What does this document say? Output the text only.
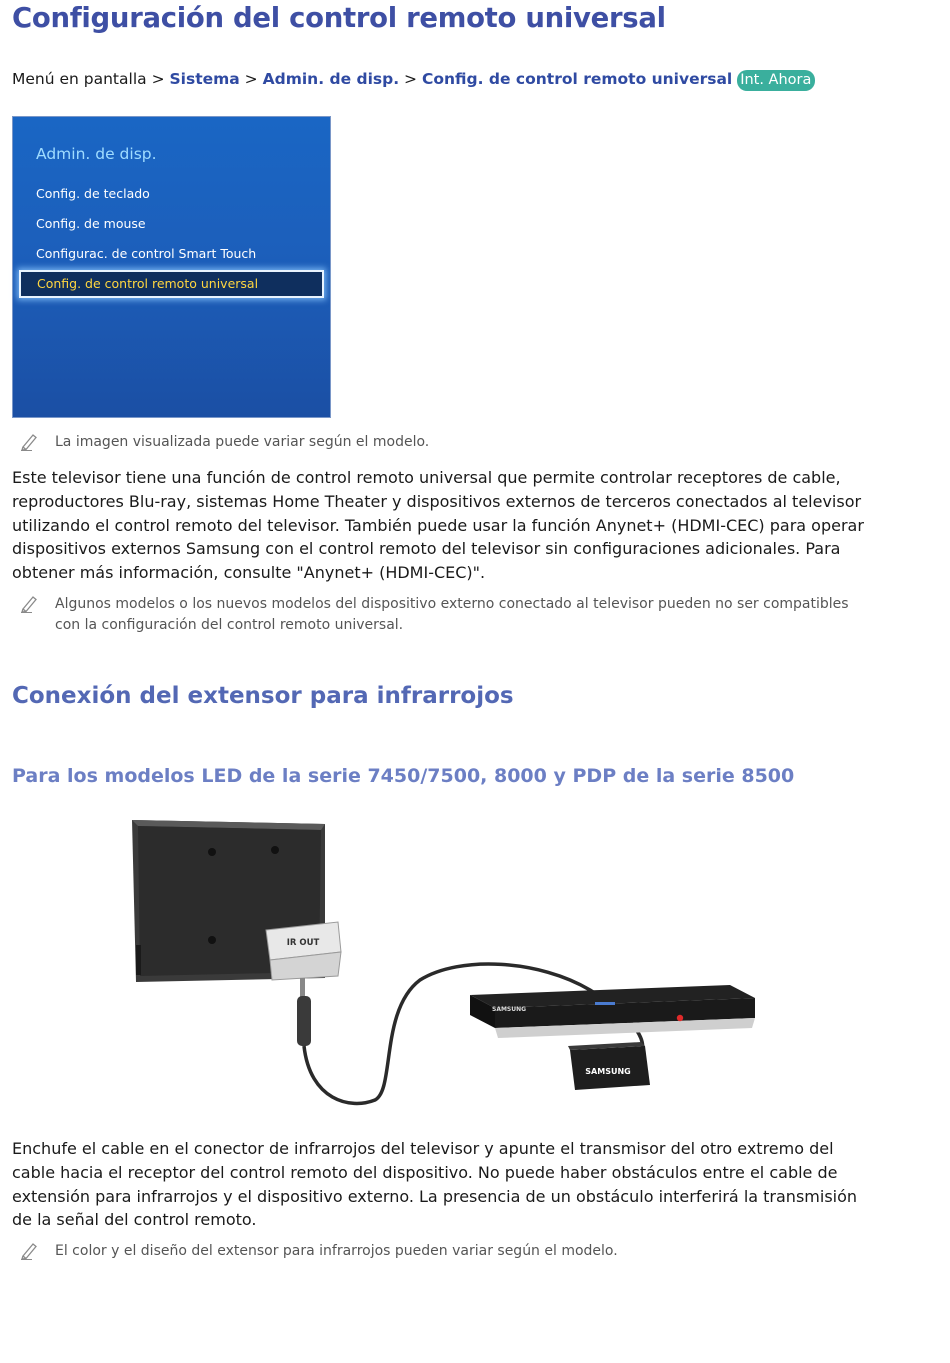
Configuración del control remoto universal
Menú en pantalla > Sistema > Admin. de disp. > Config. de control remoto universal Int. Ahora
Admin. de disp.
Config. de teclado
Config. de mouse
Configurac. de control Smart Touch
Config. de control remoto universal
La imagen visualizada puede variar según el modelo.

Este televisor tiene una función de control remoto universal que permite controlar receptores de cable, reproductores Blu-ray, sistemas Home Theater y dispositivos externos de terceros conectados al televisor utilizando el control remoto del televisor. También puede usar la función Anynet+ (HDMI-CEC) para operar dispositivos externos Samsung con el control remoto del televisor sin configuraciones adicionales. Para obtener más información, consulte "Anynet+ (HDMI-CEC)".

Algunos modelos o los nuevos modelos del dispositivo externo conectado al televisor pueden no ser compatibles con la configuración del control remoto universal.
Conexión del extensor para infrarrojos
Para los modelos LED de la serie 7450/7500, 8000 y PDP de la serie 8500
IR OUT
SAMSUNG
SAMSUNG

Enchufe el cable en el conector de infrarrojos del televisor y apunte el transmisor del otro extremo del cable hacia el receptor del control remoto del dispositivo. No puede haber obstáculos entre el cable de extensión para infrarrojos y el dispositivo externo. La presencia de un obstáculo interferirá la transmisión de la señal del control remoto.

El color y el diseño del extensor para infrarrojos pueden variar según el modelo.
